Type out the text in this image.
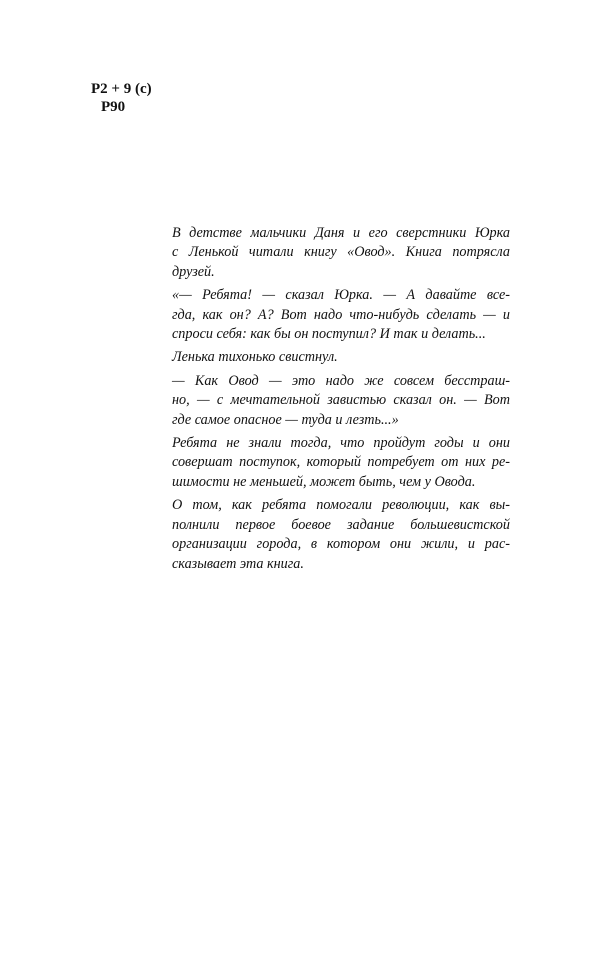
Р2 + 9 (с)
Р90

В детстве мальчики Даня и его сверстники Юрка
с Ленькой читали книгу «Овод». Книга потрясла
друзей.

«— Ребята! — сказал Юрка. — А давайте все-
гда, как он? А? Вот надо что-нибудь сделать — и
спроси себя: как бы он поступил? И так и делать...

Ленька тихонько свистнул.

— Как Овод — это надо же совсем бесстраш-
но, — с мечтательной завистью сказал он. — Вот
где самое опасное — туда и лезть...»

Ребята не знали тогда, что пройдут годы и они
совершат поступок, который потребует от них ре-
шимости не меньшей, может быть, чем у Овода.

О том, как ребята помогали революции, как вы-
полнили первое боевое задание большевистской
организации города, в котором они жили, и рас-
сказывает эта книга.
